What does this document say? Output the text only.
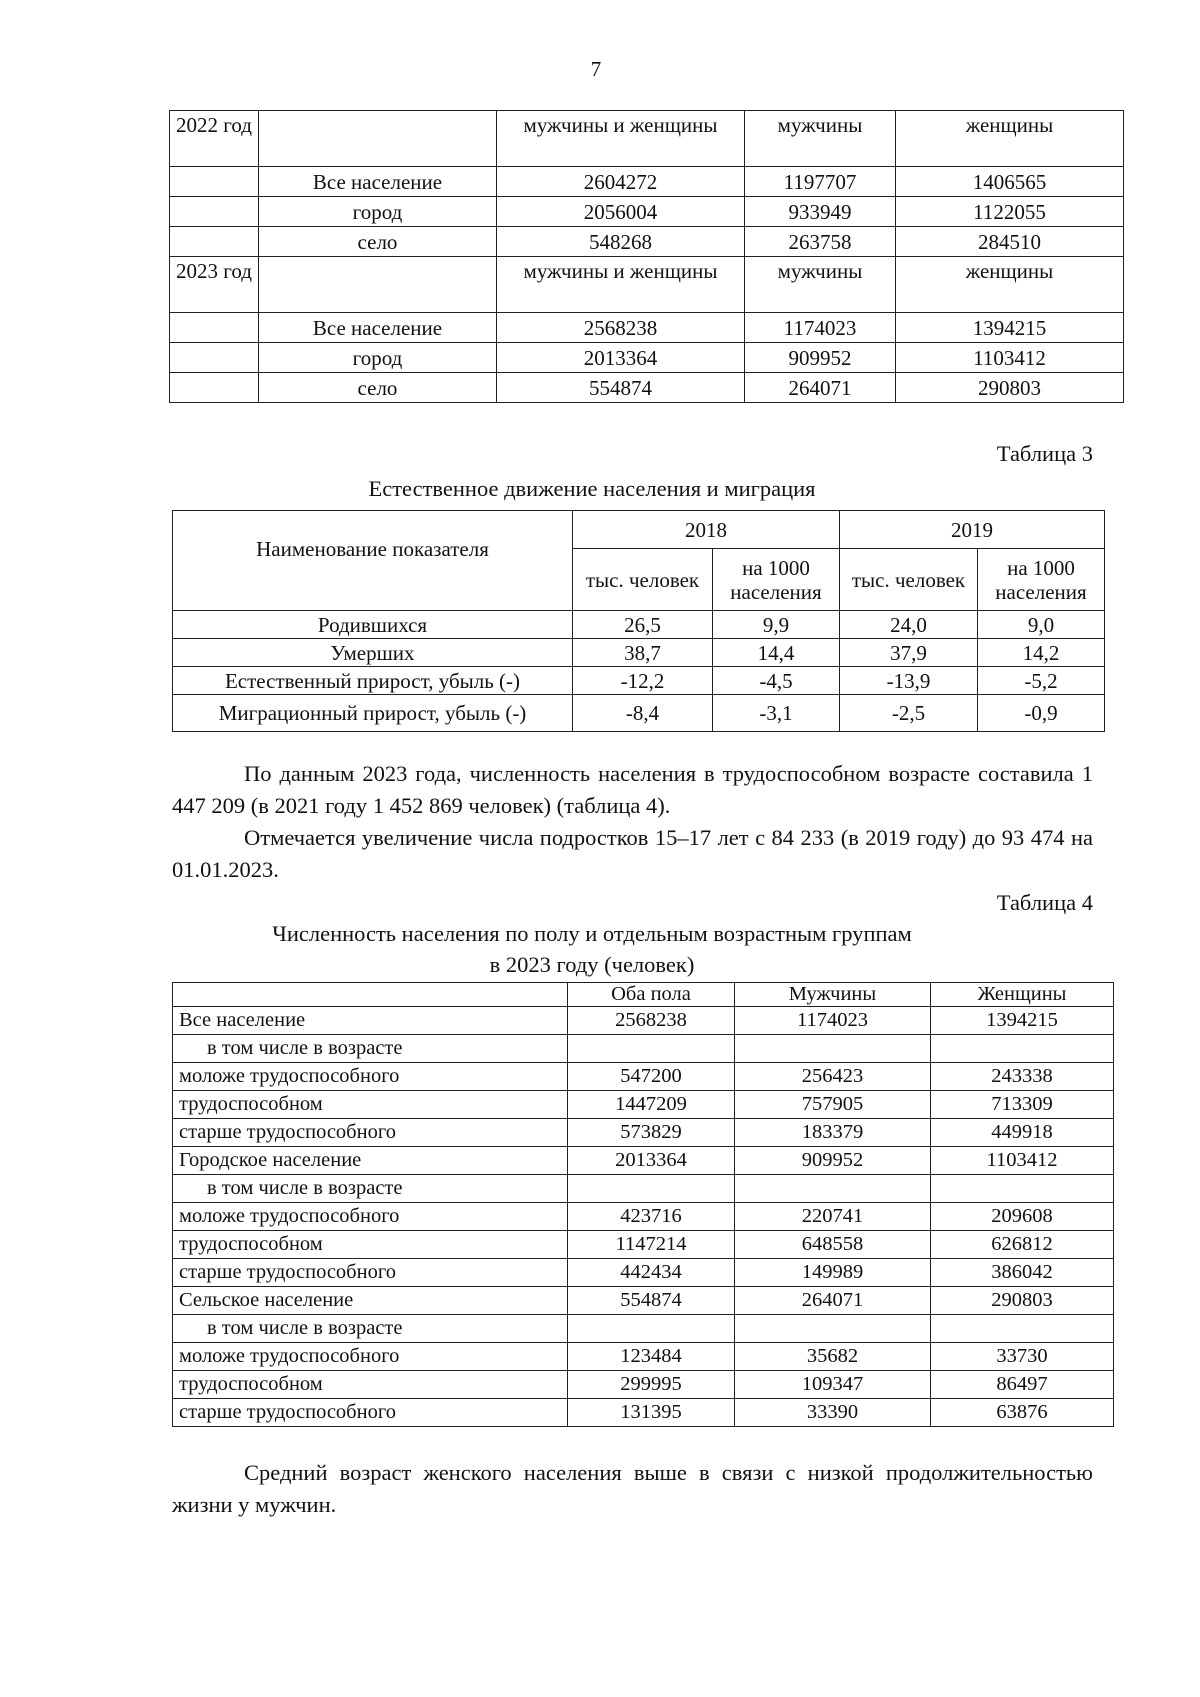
7
2022 год		мужчины и женщины	мужчины	женщины
	Все население	2604272	1197707	1406565
	город	2056004	933949	1122055
	село	548268	263758	284510
2023 год		мужчины и женщины	мужчины	женщины
	Все население	2568238	1174023	1394215
	город	2013364	909952	1103412
	село	554874	264071	290803
Таблица 3
Естественное движение населения и миграция
Наименование показателя	2018		2019	
	тыс. человек	на 1000 населения	тыс. человек	на 1000 населения
Родившихся	26,5	9,9	24,0	9,0
Умерших	38,7	14,4	37,9	14,2
Естественный прирост, убыль (-)	-12,2	-4,5	-13,9	-5,2
Миграционный прирост, убыль (-)	-8,4	-3,1	-2,5	-0,9
По данным 2023 года, численность населения в трудоспособном возрасте составила 1 447 209 (в 2021 году 1 452 869 человек) (таблица 4).
Отмечается увеличение числа подростков 15–17 лет с 84 233 (в 2019 году) до 93 474 на 01.01.2023.
Таблица 4
Численность населения по полу и отдельным возрастным группам
в 2023 году (человек)
	Оба пола	Мужчины	Женщины
Все население	2568238	1174023	1394215
в том числе в возрасте			
моложе трудоспособного	547200	256423	243338
трудоспособном	1447209	757905	713309
старше трудоспособного	573829	183379	449918
Городское население	2013364	909952	1103412
в том числе в возрасте			
моложе трудоспособного	423716	220741	209608
трудоспособном	1147214	648558	626812
старше трудоспособного	442434	149989	386042
Сельское население	554874	264071	290803
в том числе в возрасте			
моложе трудоспособного	123484	35682	33730
трудоспособном	299995	109347	86497
старше трудоспособного	131395	33390	63876
Средний возраст женского населения выше в связи с низкой продолжительностью жизни у мужчин.
